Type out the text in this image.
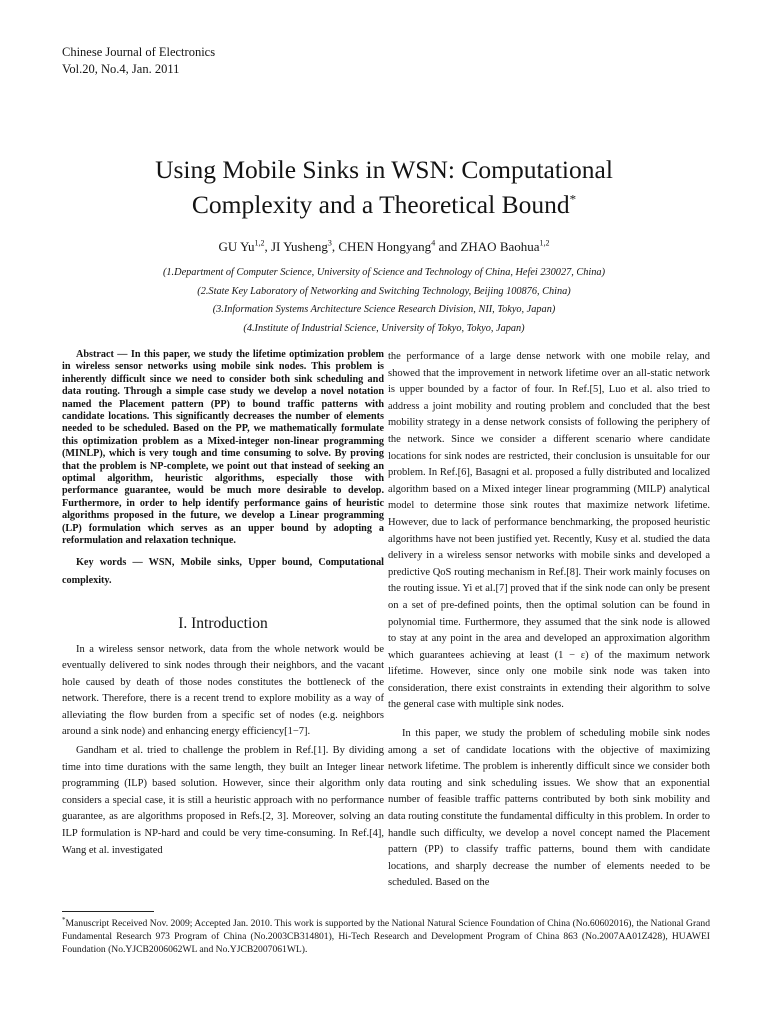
Chinese Journal of Electronics
Vol.20, No.4, Jan. 2011
Using Mobile Sinks in WSN: Computational
Complexity and a Theoretical Bound*
GU Yu$^{1,2}$, JI Yusheng$^3$, CHEN Hongyang$^4$ and ZHAO Baohua$^{1,2}$
(1.Department of Computer Science, University of Science and Technology of China, Hefei 230027, China)
(2.State Key Laboratory of Networking and Switching Technology, Beijing 100876, China)
(3.Information Systems Architecture Science Research Division, NII, Tokyo, Japan)
(4.Institute of Industrial Science, University of Tokyo, Tokyo, Japan)

Abstract — In this paper, we study the lifetime optimization problem in wireless sensor networks using mobile sink nodes. This problem is inherently difficult since we need to consider both sink scheduling and data routing. Through a simple case study we develop a novel notation named the Placement pattern (PP) to bound traffic patterns with candidate locations. This significantly decreases the number of elements needed to be scheduled. Based on the PP, we mathematically formulate this optimization problem as a Mixed-integer non-linear programming (MINLP), which is very tough and time consuming to solve. By proving that the problem is NP-complete, we point out that instead of seeking an optimal algorithm, heuristic algorithms, especially those with performance guarantee, would be much more desirable to develop. Furthermore, in order to help identify performance gains of heuristic algorithms proposed in the future, we develop a Linear programming (LP) formulation which serves as an upper bound by adopting a reformulation and relaxation technique.

Key words — WSN, Mobile sinks, Upper bound, Computational complexity.

I. Introduction

In a wireless sensor network, data from the whole network would be eventually delivered to sink nodes through their neighbors, and the vacant hole caused by death of those nodes constitutes the bottleneck of the network. Therefore, there is a recent trend to explore mobility as a way of alleviating the flow burden from a specific set of nodes (e.g. neighbors around a sink node) and enhancing energy efficiency[1−7].

Gandham et al. tried to challenge the problem in Ref.[1]. By dividing time into time durations with the same length, they built an Integer linear programming (ILP) based solution. However, since their algorithm only considers a special case, it is still a heuristic approach with no performance guarantee, as are algorithms proposed in Refs.[2, 3]. Moreover, solving an ILP formulation is NP-hard and could be very time-consuming. In Ref.[4], Wang et al. investigated

the performance of a large dense network with one mobile relay, and showed that the improvement in network lifetime over an all-static network is upper bounded by a factor of four. In Ref.[5], Luo et al. also tried to address a joint mobility and routing problem and concluded that the best mobility strategy in a dense network consists of following the periphery of the network. Since we consider a different scenario where candidate locations for sink nodes are restricted, their conclusion is unsuitable for our problem. In Ref.[6], Basagni et al. proposed a fully distributed and localized algorithm based on a Mixed integer linear programming (MILP) analytical model to determine those sink routes that maximize network lifetime. However, due to lack of performance benchmarking, the proposed heuristic algorithms have not been justified yet. Recently, Kusy et al. studied the data delivery in a wireless sensor networks with mobile sinks and developed a predictive QoS routing mechanism in Ref.[8]. Their work mainly focuses on the routing issue. Yi et al.[7] proved that if the sink node can only be present on a set of pre-defined points, then the optimal solution can be found in polynomial time. Furthermore, they assumed that the sink node is allowed to stay at any point in the area and developed an approximation algorithm which guarantees achieving at least (1 − ε) of the maximum network lifetime. However, since only one mobile sink node was taken into consideration, there exist constraints in extending their algorithm to solve the general case with multiple sink nodes.

In this paper, we study the problem of scheduling mobile sink nodes among a set of candidate locations with the objective of maximizing network lifetime. The problem is inherently difficult since we consider both data routing and sink scheduling issues. We show that an exponential number of feasible traffic patterns contributed by both sink mobility and data routing constitute the fundamental difficulty in this problem. In order to handle such difficulty, we develop a novel concept named the Placement pattern (PP) to classify traffic patterns, bound them with candidate locations, and sharply decrease the number of elements needed to be scheduled. Based on the

*Manuscript Received Nov. 2009; Accepted Jan. 2010. This work is supported by the National Natural Science Foundation of China (No.60602016), the National Grand Fundamental Research 973 Program of China (No.2003CB314801), Hi-Tech Research and Development Program of China 863 (No.2007AA01Z428), HUAWEI Foundation (No.YJCB2006062WL and No.YJCB2007061WL).
